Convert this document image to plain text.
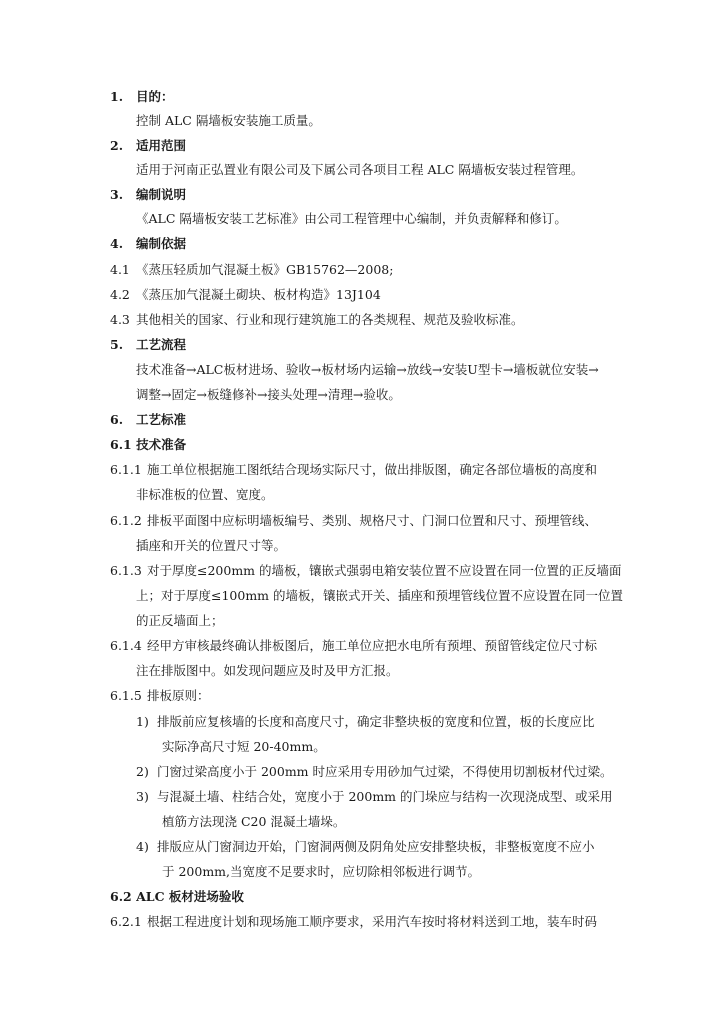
1. 目的：
控制 ALC 隔墙板安装施工质量。
2. 适用范围
适用于河南正弘置业有限公司及下属公司各项目工程 ALC 隔墙板安装过程管理。
3. 编制说明
《ALC 隔墙板安装工艺标准》由公司工程管理中心编制，并负责解释和修订。
4. 编制依据
4.1 《蒸压轻质加气混凝土板》GB15762—2008;
4.2 《蒸压加气混凝土砌块、板材构造》13J104
4.3 其他相关的国家、行业和现行建筑施工的各类规程、规范及验收标准。
5. 工艺流程
技术准备→ALC板材进场、验收→板材场内运输→放线→安装U型卡→墙板就位安装→
调整→固定→板缝修补→接头处理→清理→验收。
6. 工艺标准
6.1 技术准备
6.1.1 施工单位根据施工图纸结合现场实际尺寸，做出排版图，确定各部位墙板的高度和
非标准板的位置、宽度。
6.1.2 排板平面图中应标明墙板编号、类别、规格尺寸、门洞口位置和尺寸、预埋管线、
插座和开关的位置尺寸等。
6.1.3 对于厚度≤200mm 的墙板，镶嵌式强弱电箱安装位置不应设置在同一位置的正反墙面
上；对于厚度≤100mm 的墙板，镶嵌式开关、插座和预埋管线位置不应设置在同一位置
的正反墙面上；
6.1.4 经甲方审核最终确认排板图后，施工单位应把水电所有预埋、预留管线定位尺寸标
注在排版图中。如发现问题应及时及甲方汇报。
6.1.5 排板原则：
1) 排版前应复核墙的长度和高度尺寸，确定非整块板的宽度和位置，板的长度应比
实际净高尺寸短 20-40mm。
2) 门窗过梁高度小于 200mm 时应采用专用砂加气过梁，不得使用切割板材代过梁。
3) 与混凝土墙、柱结合处，宽度小于 200mm 的门垛应与结构一次现浇成型、或采用
植筋方法现浇 C20 混凝土墙垛。
4) 排版应从门窗洞边开始，门窗洞两侧及阴角处应安排整块板，非整板宽度不应小
于 200mm,当宽度不足要求时，应切除相邻板进行调节。
6.2 ALC 板材进场验收
6.2.1 根据工程进度计划和现场施工顺序要求，采用汽车按时将材料送到工地，装车时码
